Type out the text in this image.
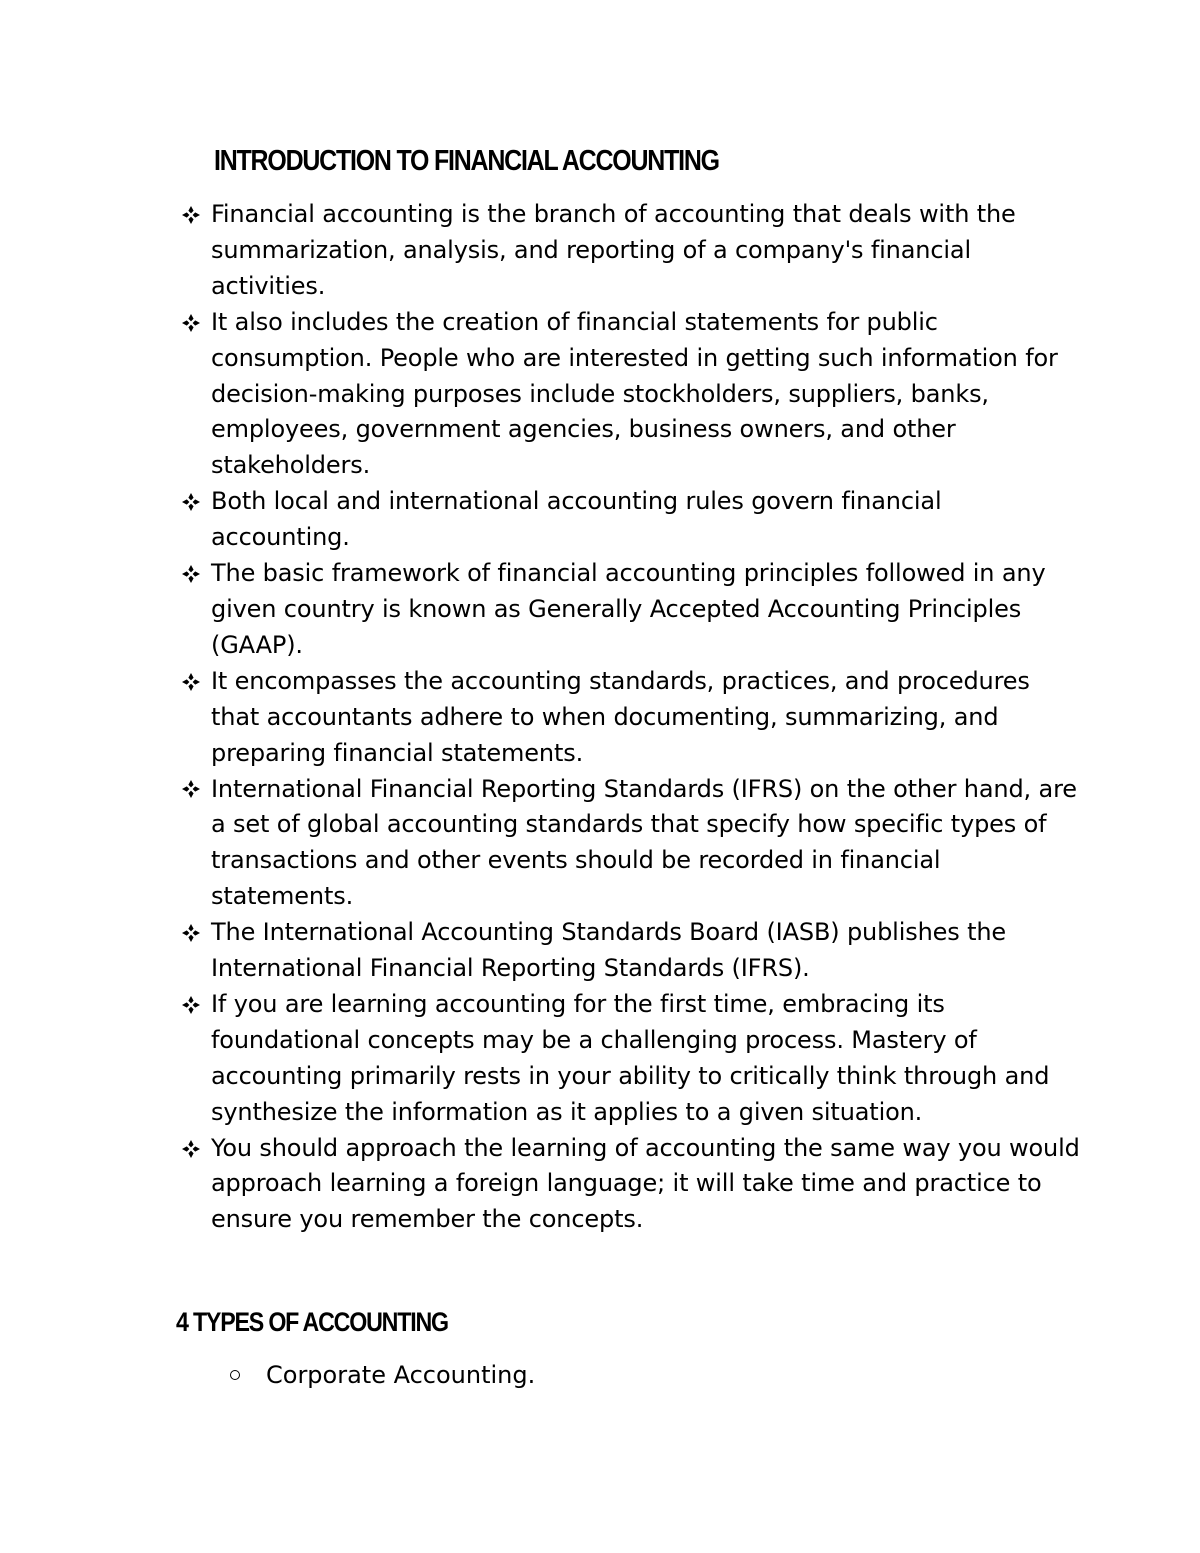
INTRODUCTION TO FINANCIAL ACCOUNTING
Financial accounting is the branch of accounting that deals with the summarization, analysis, and reporting of a company's financial activities.
It also includes the creation of financial statements for public consumption. People who are interested in getting such information for decision-making purposes include stockholders, suppliers, banks, employees, government agencies, business owners, and other stakeholders.
Both local and international accounting rules govern financial accounting.
The basic framework of financial accounting principles followed in any given country is known as Generally Accepted Accounting Principles (GAAP).
It encompasses the accounting standards, practices, and procedures that accountants adhere to when documenting, summarizing, and preparing financial statements.
International Financial Reporting Standards (IFRS) on the other hand, are a set of global accounting standards that specify how specific types of transactions and other events should be recorded in financial statements.
The International Accounting Standards Board (IASB) publishes the International Financial Reporting Standards (IFRS).
If you are learning accounting for the first time, embracing its foundational concepts may be a challenging process. Mastery of accounting primarily rests in your ability to critically think through and synthesize the information as it applies to a given situation.
You should approach the learning of accounting the same way you would approach learning a foreign language; it will take time and practice to ensure you remember the concepts.
4 TYPES OF ACCOUNTING
Corporate Accounting.
